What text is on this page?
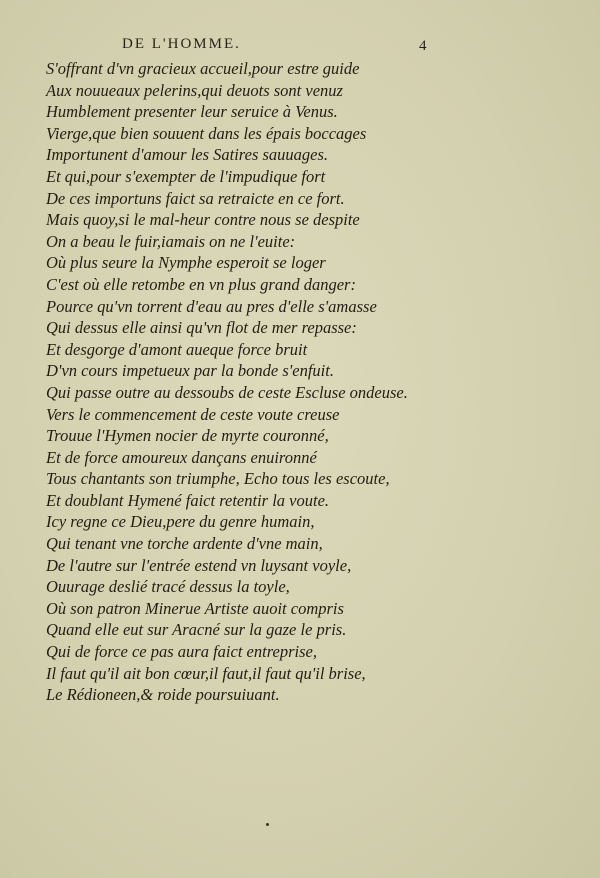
DE L'HOMME.	4
S'offrant d'vn gracieux accueil,pour estre guide
Aux nouueaux pelerins,qui deuots sont venuz
Humblement presenter leur seruice à Venus.
Vierge,que bien souuent dans les épais boccages
Importunent d'amour les Satires sauuages.
Et qui,pour s'exempter de l'impudique fort
De ces importuns faict sa retraicte en ce fort.
Mais quoy,si le mal-heur contre nous se despite
On a beau le fuir,iamais on ne l'euite:
Où plus seure la Nymphe esperoit se loger
C'est où elle retombe en vn plus grand danger:
Pource qu'vn torrent d'eau au pres d'elle s'amasse
Qui dessus elle ainsi qu'vn flot de mer repasse:
Et desgorge d'amont aueque force bruit
D'vn cours impetueux par la bonde s'enfuit.
Qui passe outre au dessoubs de ceste Escluse ondeuse.
Vers le commencement de ceste voute creuse
Trouue l'Hymen nocier de myrte couronné,
Et de force amoureux dançans enuironné
Tous chantants son triumphe, Echo tous les escoute,
Et doublant Hymené faict retentir la voute.
Icy regne ce Dieu,pere du genre humain,
Qui tenant vne torche ardente d'vne main,
De l'autre sur l'entrée estend vn luysant voyle,
Ouurage deslié tracé dessus la toyle,
Où son patron Minerue Artiste auoit compris
Quand elle eut sur Aracné sur la gaze le pris.
Qui de force ce pas aura faict entreprise,
Il faut qu'il ait bon cœur,il faut,il faut qu'il brise,
Le Rédioneen,& roide poursuiuant.
